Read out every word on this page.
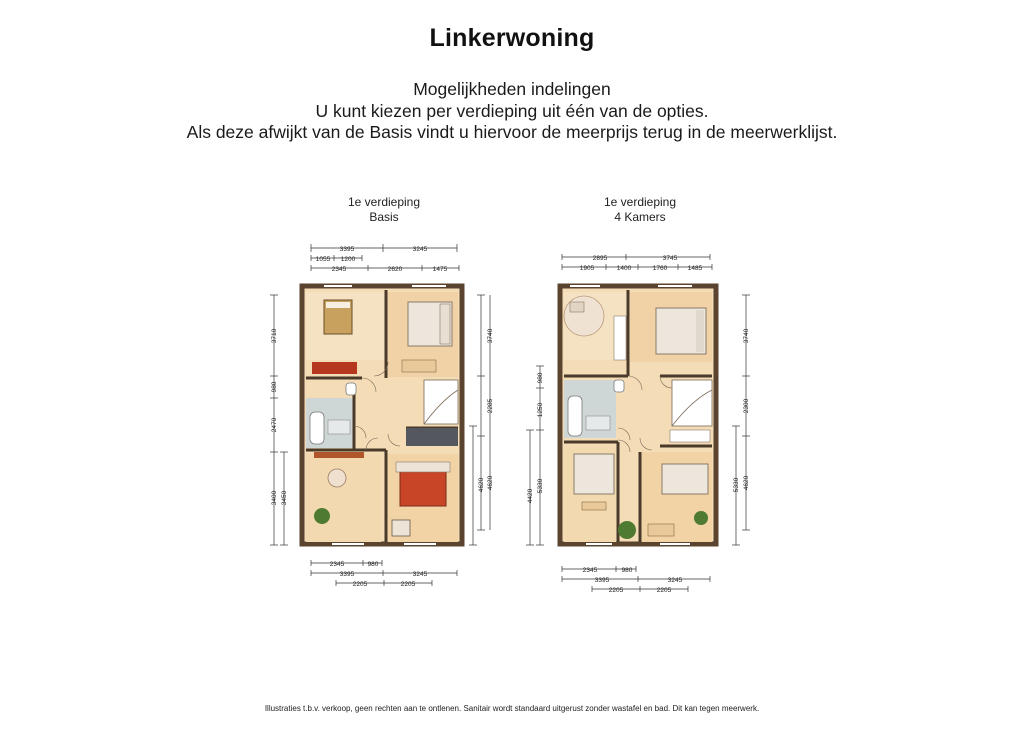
Linkerwoning
Mogelijkheden indelingen
U kunt kiezen per verdieping uit één van de opties.
Als deze afwijkt van de Basis vindt u hiervoor de meerprijs terug in de meerwerklijst.
1e verdieping
Basis
1e verdieping
4 Kamers
3395	3245
1055 1200
2345	2620	1475
3710
980
2470
3400 3450
3740
2285
4620
4620
2345	980
3395	3245
2205	2205
2895	3745
1905	1400	1760	1485
980
1250
4420
5330
3740
2300
5330 4620
2345	980
3395	3245
2205	2205
Illustraties t.b.v. verkoop, geen rechten aan te ontlenen. Sanitair wordt standaard uitgerust zonder wastafel en bad. Dit kan tegen meerwerk.
